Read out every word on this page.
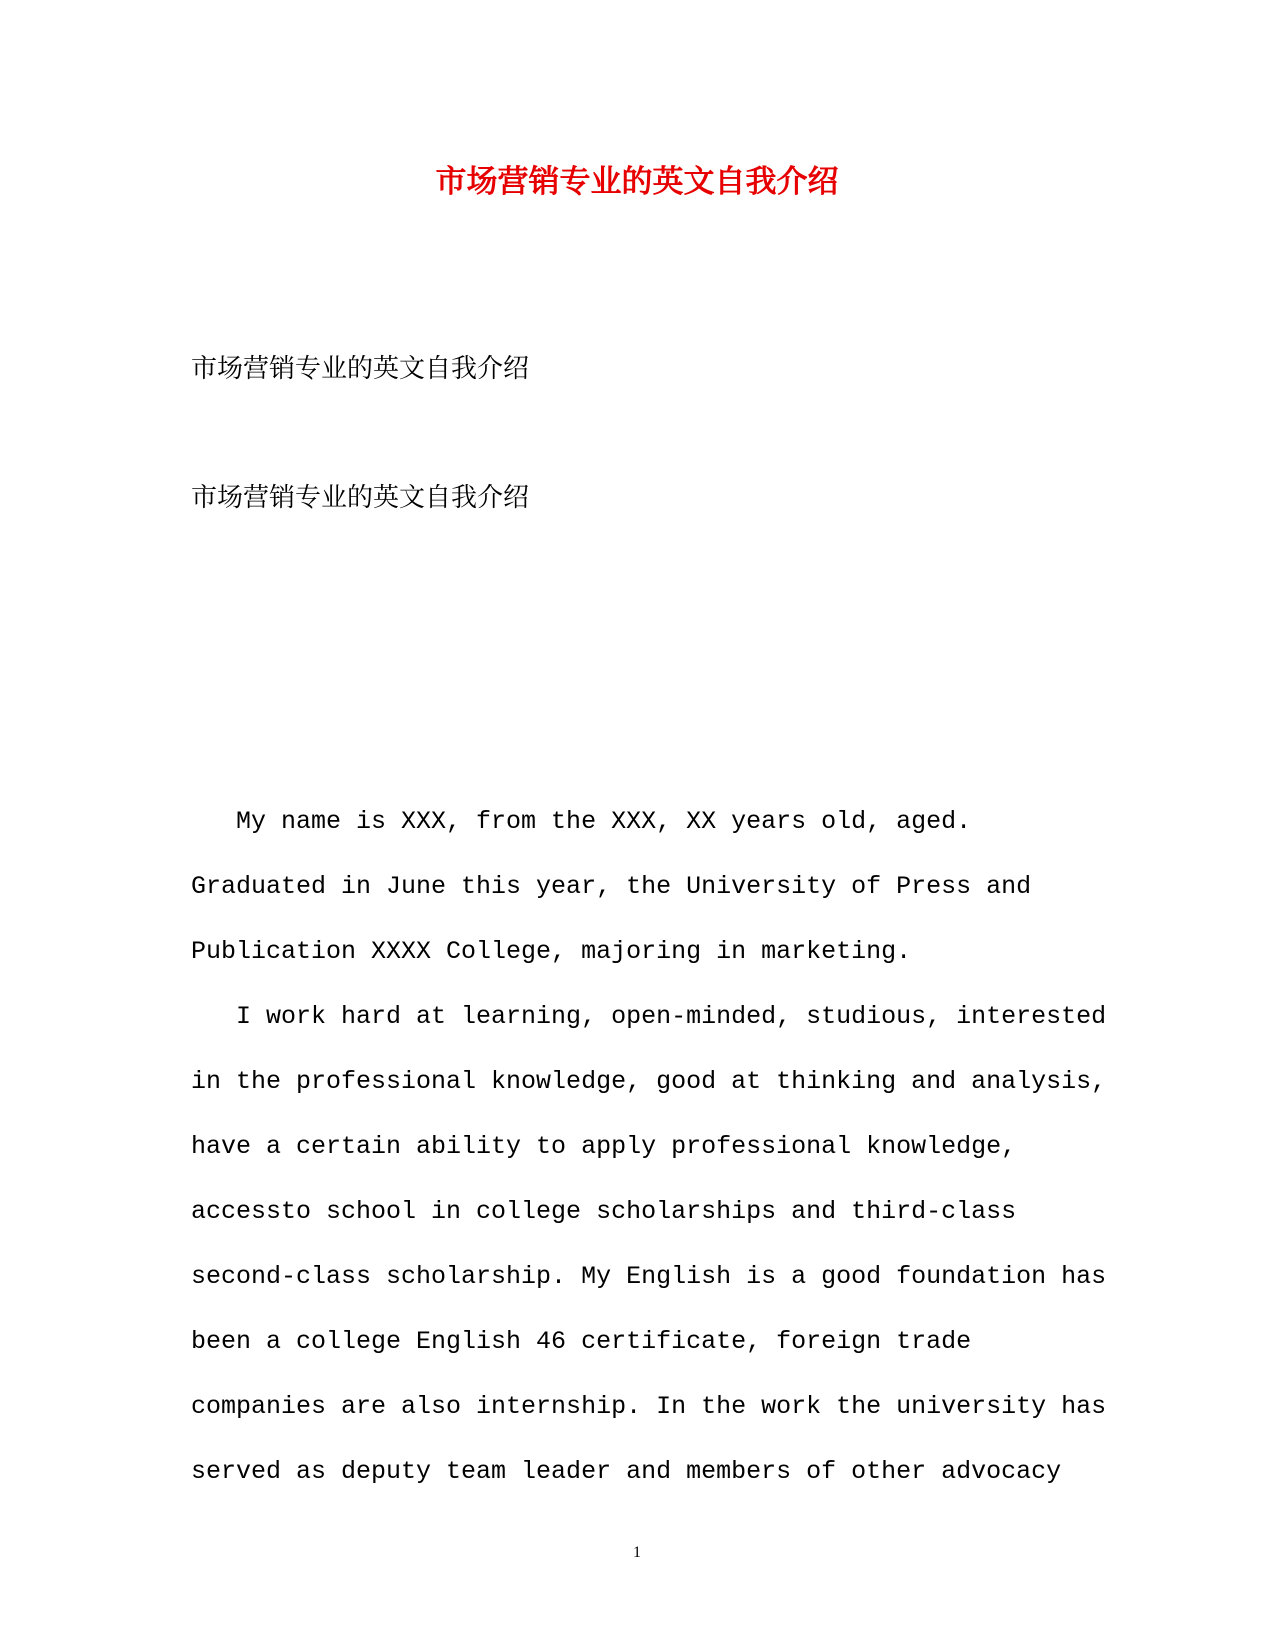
市场营销专业的英文自我介绍

市场营销专业的英文自我介绍

市场营销专业的英文自我介绍

My name is XXX, from the XXX, XX years old, aged.
Graduated in June this year, the University of Press and
Publication XXXX College, majoring in marketing.
I work hard at learning, open-minded, studious, interested
in the professional knowledge, good at thinking and analysis,
have a certain ability to apply professional knowledge,
accessto school in college scholarships and third-class
second-class scholarship. My English is a good foundation has
been a college English 46 certificate, foreign trade
companies are also internship. In the work the university has
served as deputy team leader and members of other advocacy
1
